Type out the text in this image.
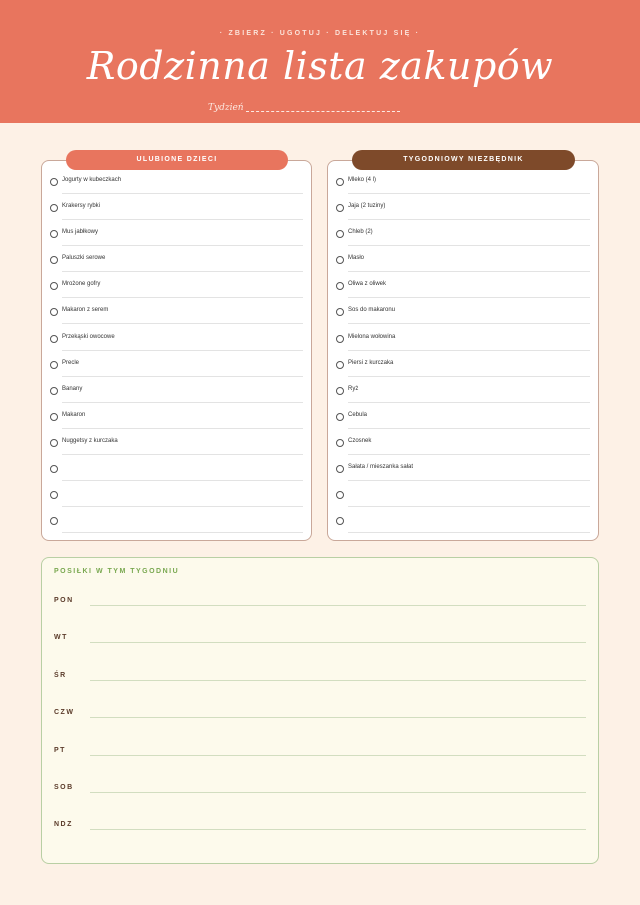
· ZBIERZ · UGOTUJ · DELEKTUJ SIĘ ·
Rodzinna lista zakupów
Tydzień
Jogurty w kubeczkach
Krakersy rybki
Mus jabłkowy
Paluszki serowe
Mrożone gofry
Makaron z serem
Przekąski owocowe
Precle
Banany
Makaron
Nuggetsy z kurczaka
ULUBIONE DZIECI
Mleko (4 l)
Jaja (2 tuziny)
Chleb (2)
Masło
Oliwa z oliwek
Sos do makaronu
Mielona wołowina
Piersi z kurczaka
Ryż
Cebula
Czosnek
Sałata / mieszanka sałat
TYGODNIOWY NIEZBĘDNIK
POSIŁKI W TYM TYGODNIU
PON
WT
ŚR
CZW
PT
SOB
NDZ
